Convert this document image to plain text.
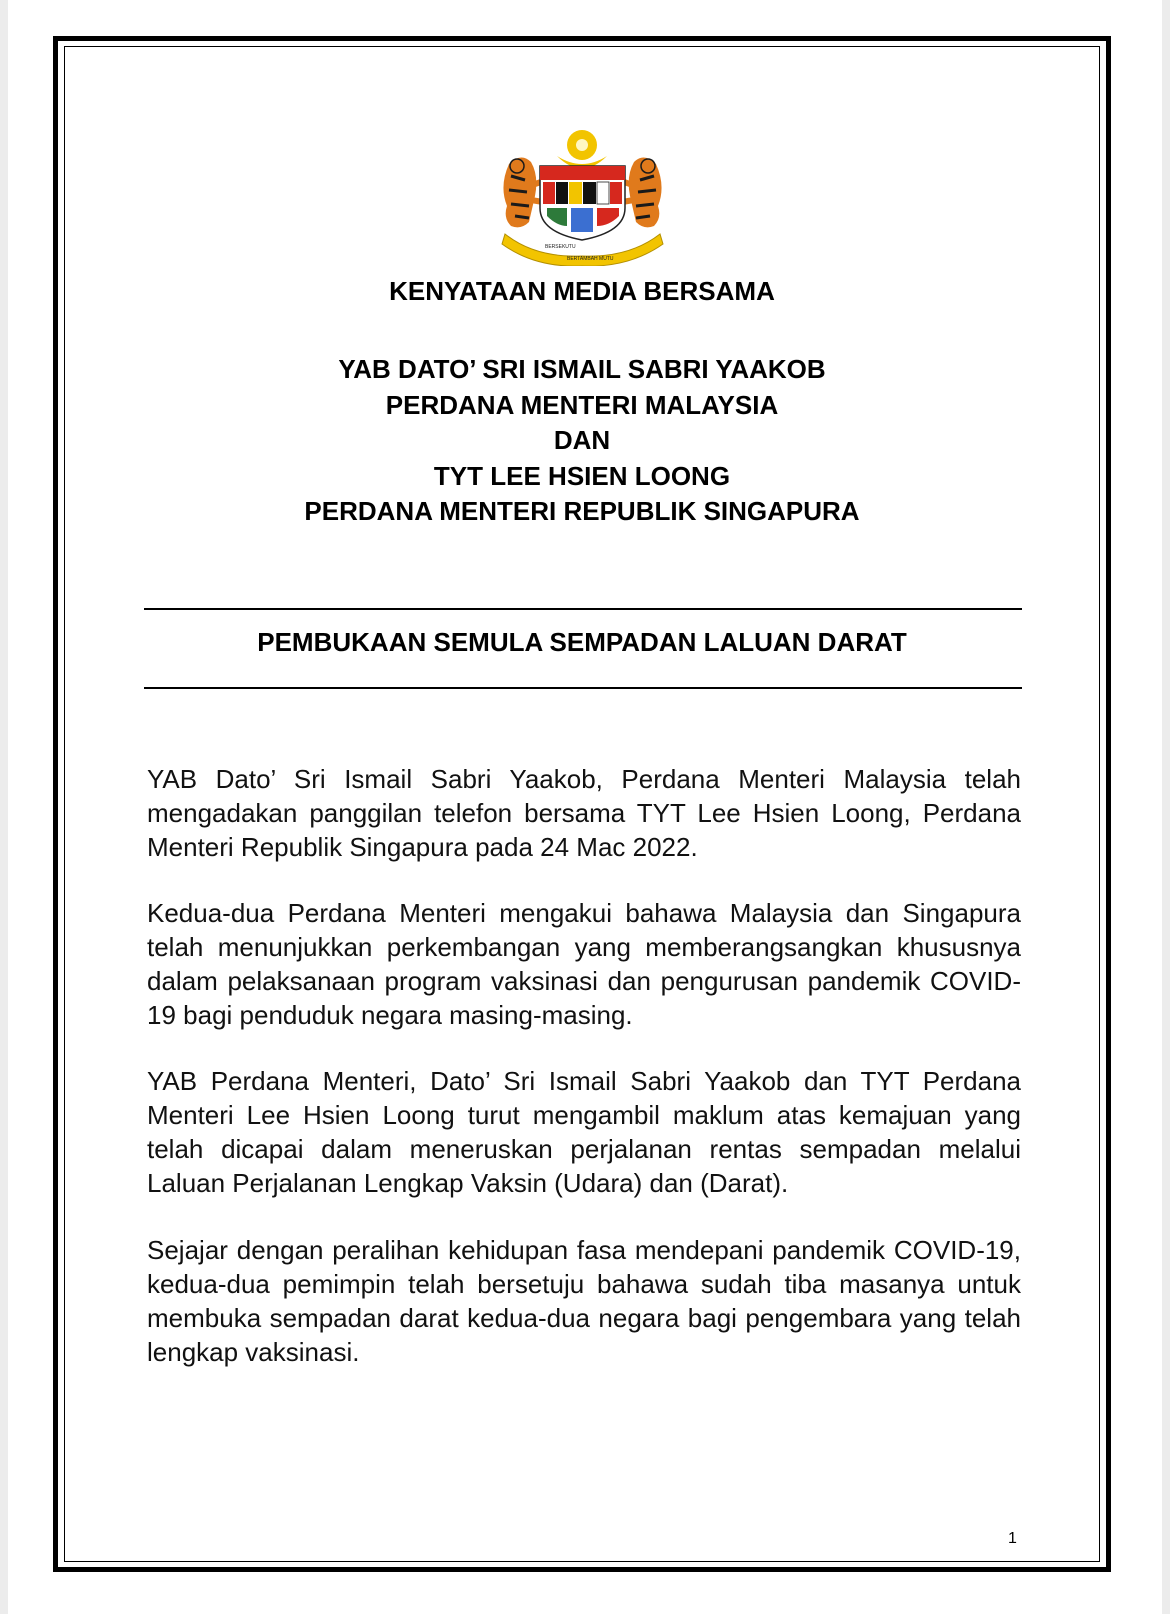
BERSEKUTU
BERTAMBAH MUTU
KENYATAAN MEDIA BERSAMA
YAB DATO’ SRI ISMAIL SABRI YAAKOB
PERDANA MENTERI MALAYSIA
DAN
TYT LEE HSIEN LOONG
PERDANA MENTERI REPUBLIK SINGAPURA
PEMBUKAAN SEMULA SEMPADAN LALUAN DARAT

YAB Dato’ Sri Ismail Sabri Yaakob, Perdana Menteri Malaysia telah mengadakan panggilan telefon bersama TYT Lee Hsien Loong, Perdana Menteri Republik Singapura pada 24 Mac 2022.

Kedua-dua Perdana Menteri mengakui bahawa Malaysia dan Singapura telah menunjukkan perkembangan yang memberangsangkan khususnya dalam pelaksanaan program vaksinasi dan pengurusan pandemik COVID-19 bagi penduduk negara masing-masing.

YAB Perdana Menteri, Dato’ Sri Ismail Sabri Yaakob dan TYT Perdana Menteri Lee Hsien Loong turut mengambil maklum atas kemajuan yang telah dicapai dalam meneruskan perjalanan rentas sempadan melalui Laluan Perjalanan Lengkap Vaksin (Udara) dan (Darat).

Sejajar dengan peralihan kehidupan fasa mendepani pandemik COVID-19, kedua-dua pemimpin telah bersetuju bahawa sudah tiba masanya untuk membuka sempadan darat kedua-dua negara bagi pengembara yang telah lengkap vaksinasi.

1
